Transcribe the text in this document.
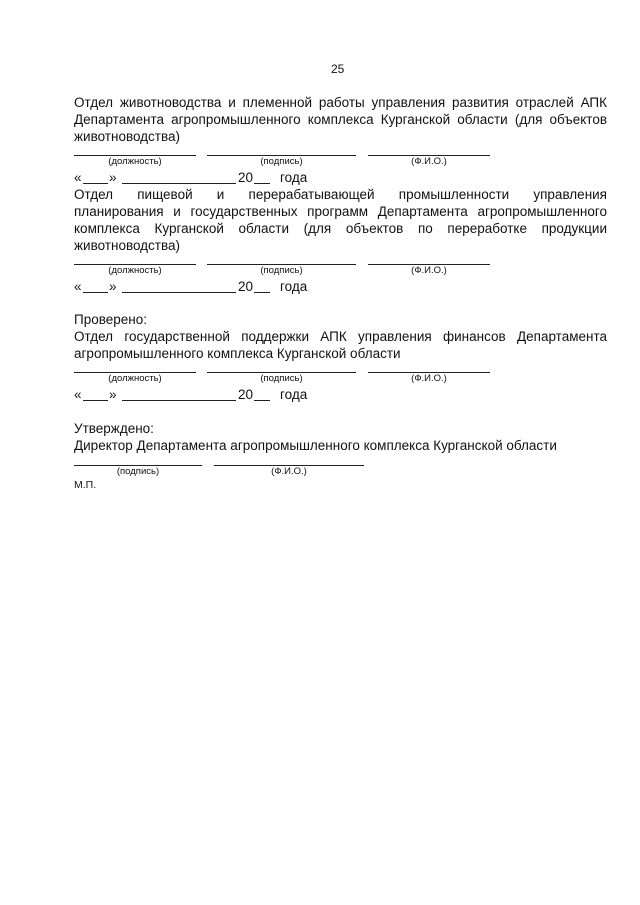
25
Отдел животноводства и племенной работы управления развития отраслей АПК
Департамента агропромышленного комплекса Курганской области (для объектов
животноводства)
(должность)	(подпись)	(Ф.И.О.)
« »	20 года
Отдел пищевой и перерабатывающей промышленности управления
планирования и государственных программ Департамента агропромышленного
комплекса Курганской области (для объектов по переработке продукции
животноводства)
(должность)	(подпись)	(Ф.И.О.)
« »	20 года
Проверено:
Отдел государственной поддержки АПК управления финансов Департамента
агропромышленного комплекса Курганской области
(должность)	(подпись)	(Ф.И.О.)
« »	20 года
Утверждено:
Директор Департамента агропромышленного комплекса Курганской области
(подпись)	(Ф.И.О.)
М.П.
